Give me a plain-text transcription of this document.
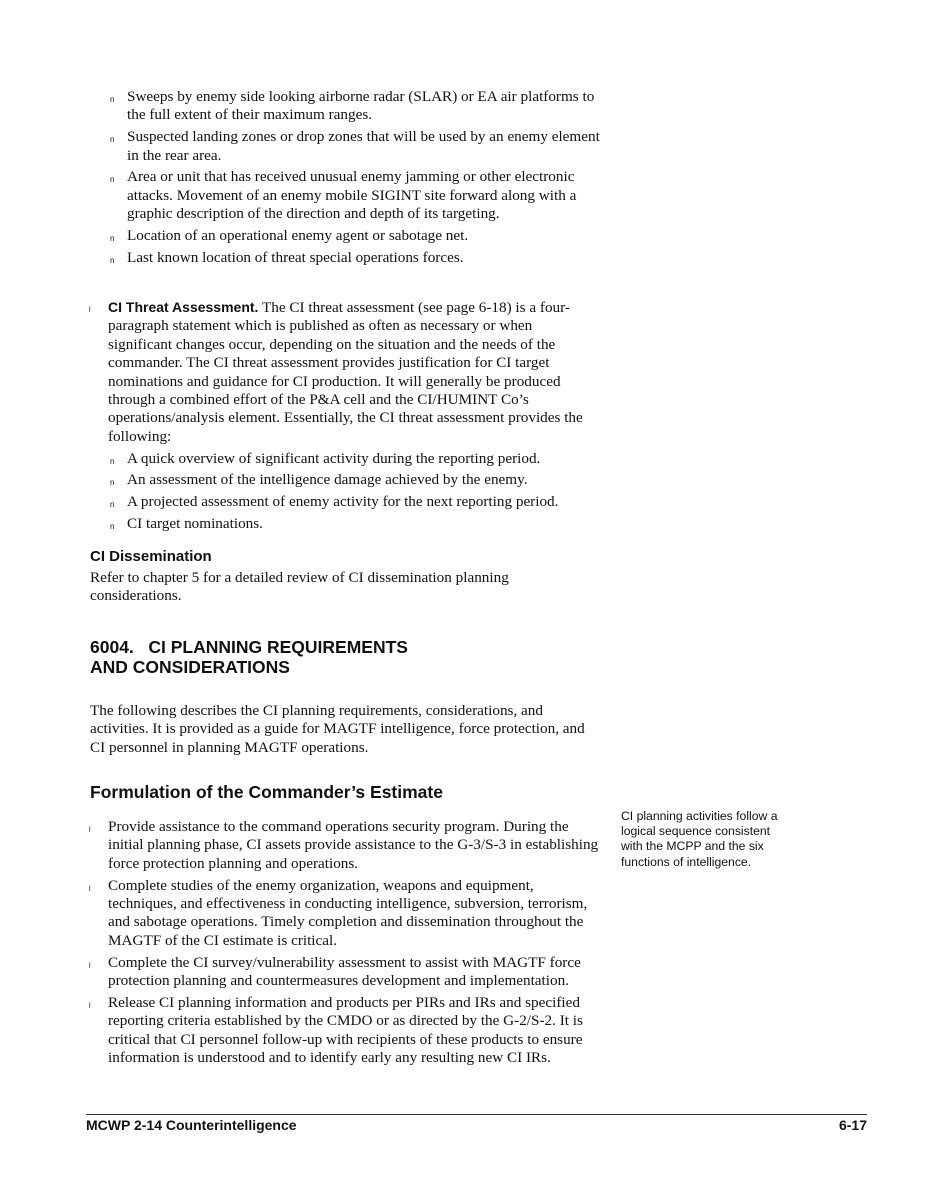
n Sweeps by enemy side looking airborne radar (SLAR) or EA air platforms to the full extent of their maximum ranges.
n Suspected landing zones or drop zones that will be used by an enemy element in the rear area.
n Area or unit that has received unusual enemy jamming or other electronic attacks. Movement of an enemy mobile SIGINT site forward along with a graphic description of the direction and depth of its targeting.
n Location of an operational enemy agent or sabotage net.
n Last known location of threat special operations forces.
l CI Threat Assessment. The CI threat assessment (see page 6-18) is a four-paragraph statement which is published as often as necessary or when significant changes occur, depending on the situation and the needs of the commander. The CI threat assessment provides justification for CI target nominations and guidance for CI production. It will generally be produced through a combined effort of the P&A cell and the CI/HUMINT Co’s operations/analysis element. Essentially, the CI threat assessment provides the following:
n A quick overview of significant activity during the reporting period.
n An assessment of the intelligence damage achieved by the enemy.
n A projected assessment of enemy activity for the next reporting period.
n CI target nominations.
CI Dissemination
Refer to chapter 5 for a detailed review of CI dissemination planning considerations.
6004.   CI PLANNING REQUIREMENTS
AND CONSIDERATIONS
The following describes the CI planning requirements, considerations, and activities. It is provided as a guide for MAGTF intelligence, force protection, and CI personnel in planning MAGTF operations.
Formulation of the Commander’s Estimate
l Provide assistance to the command operations security program. During the initial planning phase, CI assets provide assistance to the G-3/S-3 in establishing force protection planning and operations.
l Complete studies of the enemy organization, weapons and equipment, techniques, and effectiveness in conducting intelligence, subversion, terrorism, and sabotage operations. Timely completion and dissemination throughout the MAGTF of the CI estimate is critical.
l Complete the CI survey/vulnerability assessment to assist with MAGTF force protection planning and countermeasures development and implementation.
l Release CI planning information and products per PIRs and IRs and specified reporting criteria established by the CMDO or as directed by the G-2/S-2. It is critical that CI personnel follow-up with recipients of these products to ensure information is understood and to identify early any resulting new CI IRs.
CI planning activities follow a logical sequence consistent with the MCPP and the six functions of intelligence.
MCWP 2-14 Counterintelligence	6-17
